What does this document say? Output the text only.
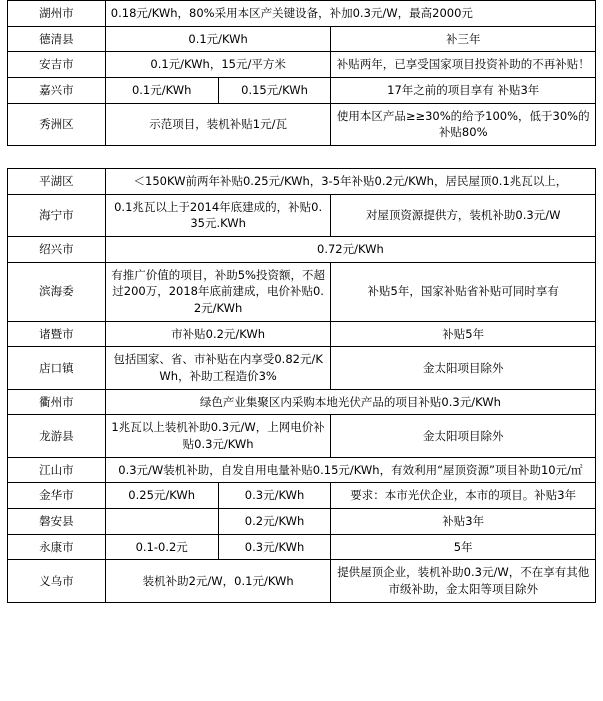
湖州市	0.18元/KWh，80%采用本区产关键设备，补加0.3元/W，最高2000元		
德清县	0.1元/KWh		补三年
安吉市	0.1元/KWh，15元/平方米		补贴两年，已享受国家项目投资补助的不再补贴！
嘉兴市	0.1元/KWh	0.15元/KWh	17年之前的项目享有 补贴3年
秀洲区	示范项目，装机补贴1元/瓦		使用本区产品≥≥30%的给予100%，低于30%的补贴80%
平湖区	＜150KW前两年补贴0.25元/KWh，3-5年补贴0.2元/KWh，居民屋顶0.1兆瓦以上，		
海宁市	0.1兆瓦以上于2014年底建成的，补贴0.35元.KWh		对屋顶资源提供方，装机补助0.3元/W
绍兴市	0.72元/KWh		
滨海委	有推广价值的项目，补助5%投资额，不超过200万，2018年底前建成，电价补贴0.2元/KWh		补贴5年，国家补贴省补贴可同时享有
诸暨市	市补贴0.2元/KWh		补贴5年
店口镇	包括国家、省、市补贴在内享受0.82元/KWh，补助工程造价3%		金太阳项目除外
衢州市	绿色产业集聚区内采购本地光伏产品的项目补贴0.3元/KWh		
龙游县	1兆瓦以上装机补助0.3元/W，上网电价补贴0.3元/KWh		金太阳项目除外
江山市	0.3元/W装机补助，自发自用电量补贴0.15元/KWh，有效利用“屋顶资源”项目补助10元/㎡		
金华市	0.25元/KWh	0.3元/KWh	要求：本市光伏企业，本市的项目。补贴3年
磐安县		0.2元/KWh	补贴3年
永康市	0.1-0.2元	0.3元/KWh	5年
义乌市	装机补助2元/W，0.1元/KWh		提供屋顶企业，装机补助0.3元/W，不在享有其他市级补助，金太阳等项目除外
